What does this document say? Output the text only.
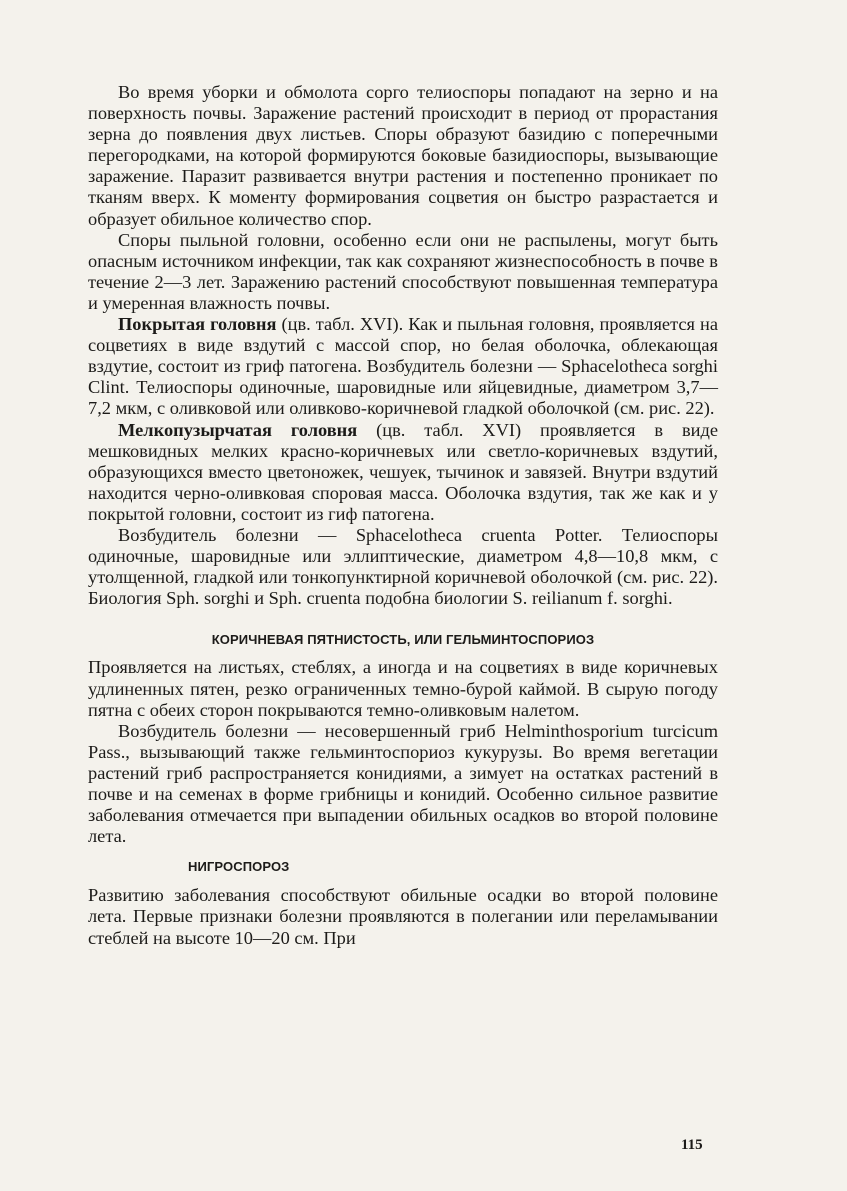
Во время уборки и обмолота сорго телиоспоры попадают на зерно и на поверхность почвы. Заражение растений происходит в период от прорастания зерна до появления двух листьев. Споры образуют базидию с поперечными перегородками, на которой формируются боковые базидиоспоры, вызывающие заражение. Паразит развивается внутри растения и постепенно проникает по тканям вверх. К моменту формирования соцветия он быстро разрастается и образует обильное количество спор.

Споры пыльной головни, особенно если они не распылены, могут быть опасным источником инфекции, так как сохраняют жизнеспособность в почве в течение 2—3 лет. Заражению растений способствуют повышенная температура и умеренная влажность почвы.

Покрытая головня (цв. табл. XVI). Как и пыльная головня, проявляется на соцветиях в виде вздутий с массой спор, но белая оболочка, облекающая вздутие, состоит из гриф патогена. Возбудитель болезни — Sphacelotheca sorghi Clint. Телиоспоры одиночные, шаровидные или яйцевидные, диаметром 3,7—7,2 мкм, с оливковой или оливково-коричневой гладкой оболочкой (см. рис. 22).

Мелкопузырчатая головня (цв. табл. XVI) проявляется в виде мешковидных мелких красно-коричневых или светло-коричневых вздутий, образующихся вместо цветоножек, чешуек, тычинок и завязей. Внутри вздутий находится черно-оливковая споровая масса. Оболочка вздутия, так же как и у покрытой головни, состоит из гиф патогена.

Возбудитель болезни — Sphacelotheca cruenta Potter. Телиоспоры одиночные, шаровидные или эллиптические, диаметром 4,8—10,8 мкм, с утолщенной, гладкой или тонкопунктирной коричневой оболочкой (см. рис. 22). Биология Sph. sorghi и Sph. cruenta подобна биологии S. reilianum f. sorghi.

КОРИЧНЕВАЯ ПЯТНИСТОСТЬ, ИЛИ ГЕЛЬМИНТОСПОРИОЗ

Проявляется на листьях, стеблях, а иногда и на соцветиях в виде коричневых удлиненных пятен, резко ограниченных темно-бурой каймой. В сырую погоду пятна с обеих сторон покрываются темно-оливковым налетом.

Возбудитель болезни — несовершенный гриб Helminthosporium turcicum Pass., вызывающий также гельминтоспориоз кукурузы. Во время вегетации растений гриб распространяется конидиями, а зимует на остатках растений в почве и на семенах в форме грибницы и конидий. Особенно сильное развитие заболевания отмечается при выпадении обильных осадков во второй половине лета.

НИГРОСПОРОЗ

Развитию заболевания способствуют обильные осадки во второй половине лета. Первые признаки болезни проявляются в полегании или переламывании стеблей на высоте 10—20 см. При

115
